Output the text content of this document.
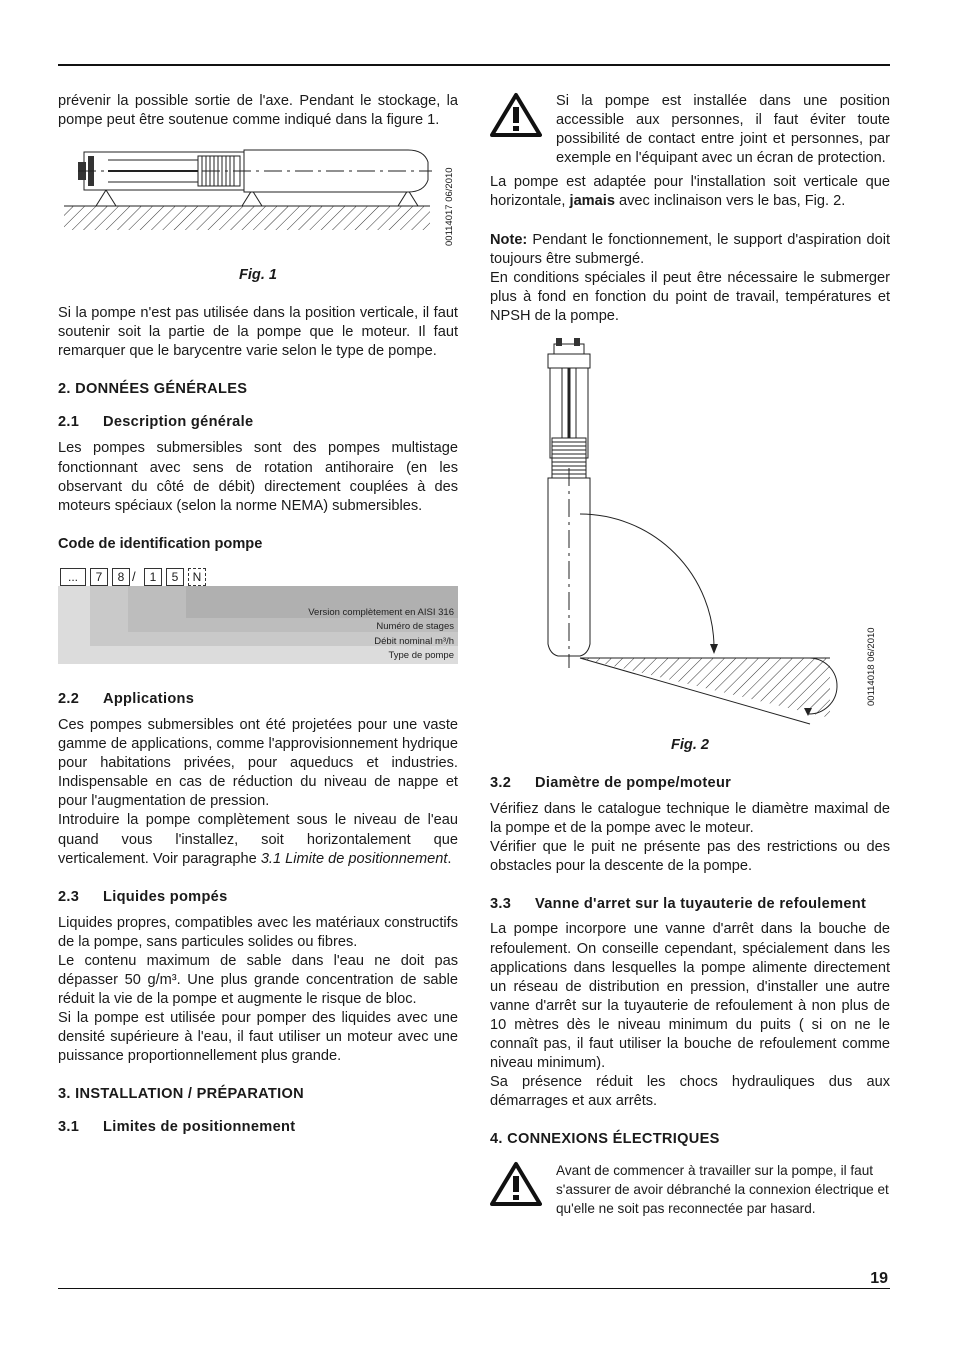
prévenir la possible sortie de l'axe. Pendant le stockage, la pompe peut être soutenue comme indiqué dans la figure 1.

00114017 06/2010
Fig. 1

Si la pompe n'est pas utilisée dans la position verticale, il faut soutenir soit la partie de la pompe que le moteur. Il faut remarquer que le barycentre varie selon le type de pompe.

2. DONNÉES GÉNÉRALES
2.1 Description générale

Les pompes submersibles sont des pompes multistage fonctionnant avec sens de rotation antihoraire (en les observant du côté de débit) directement couplées à des moteurs spéciaux (selon la norme NEMA) submersibles.

Code de identification pompe

...	7	8 /	1	5	N
Version complètement en AISI 316
Numéro de stages
Débit nominal m³/h
Type de pompe
2.2 Applications

Ces pompes submersibles ont été projetées pour une vaste gamme de applications, comme l'approvisionnement hydrique pour habitations privées, pour aqueducs et industries. Indispensable en cas de réduction du niveau de nappe et pour l'augmentation de pression.

Introduire la pompe complètement sous le niveau de l'eau quand vous l'installez, soit horizontalement que verticalement. Voir paragraphe 3.1 Limite de positionnement.

2.3 Liquides pompés

Liquides propres, compatibles avec les matériaux constructifs de la pompe, sans particules solides ou fibres.

Le contenu maximum de sable dans l'eau ne doit pas dépasser 50 g/m³. Une plus grande concentration de sable réduit la vie de la pompe et augmente le risque de bloc.

Si la pompe est utilisée pour pomper des liquides avec une densité supérieure à l'eau, il faut utiliser un moteur avec une puissance proportionnellement plus grande.

3. INSTALLATION / PRÉPARATION
3.1 Limites de positionnement

Si la pompe est installée dans une position accessible aux personnes, il faut éviter toute possibilité de contact entre joint et personnes, par exemple en l'équipant avec un écran de protection.

La pompe est adaptée pour l'installation soit verticale que horizontale, jamais avec inclinaison vers le bas, Fig. 2.

Note: Pendant le fonctionnement, le support d'aspiration doit toujours être submergé.

En conditions spéciales il peut être nécessaire le submerger plus à fond en fonction du point de travail, températures et NPSH de la pompe.

00114018 06/2010
Fig. 2
3.2 Diamètre de pompe/moteur

Vérifiez dans le catalogue technique le diamètre maximal de la pompe et de la pompe avec le moteur.

Vérifier que le puit ne présente pas des restrictions ou des obstacles pour la descente de la pompe.

3.3	Vanne d'arret sur la tuyauterie de refoulement

La pompe incorpore une vanne d'arrêt dans la bouche de refoulement. On conseille cependant, spécialement dans les applications dans lesquelles la pompe alimente directement un réseau de distribution en pression, d'installer une autre vanne d'arrêt sur la tuyauterie de refoulement à non plus de 10 mètres dès le niveau minimum du puits ( si on ne le connaît pas, il faut utiliser la bouche de refoulement comme niveau minimum).

Sa présence réduit les chocs hydrauliques dus aux démarrages et aux arrêts.

4. CONNEXIONS ÉLECTRIQUES

Avant de commencer à travailler sur la pompe, il faut s'assurer de avoir débranché la connexion électrique et qu'elle ne soit pas reconnectée par hasard.

19
